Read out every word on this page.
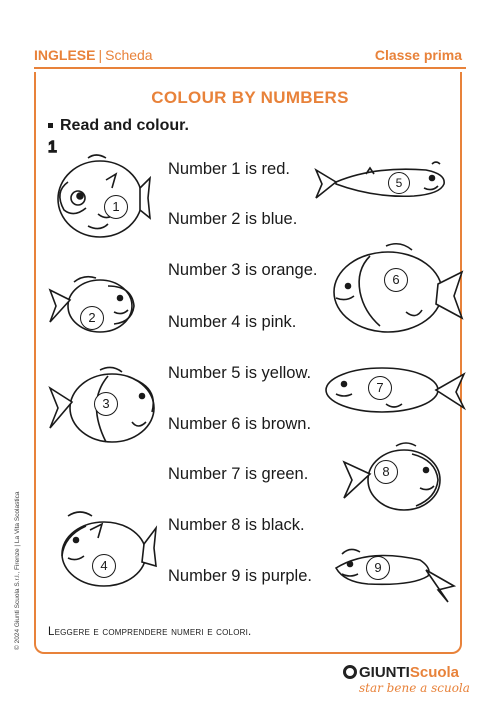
INGLESE | Scheda	Classe prima
COLOUR BY NUMBERS
Read and colour.
Number 1 is red.
Number 2 is blue.
Number 3 is orange.
Number 4 is pink.
Number 5 is yellow.
Number 6 is brown.
Number 7 is green.
Number 8 is black.
Number 9 is purple.
1
1
5
2
6
3
7
8
4	9
Leggere e comprendere numeri e colori.
© 2024 Giunti Scuola S.r.l., Firenze | La Vita Scolastica
GIUNTIScuola
star bene a scuola
